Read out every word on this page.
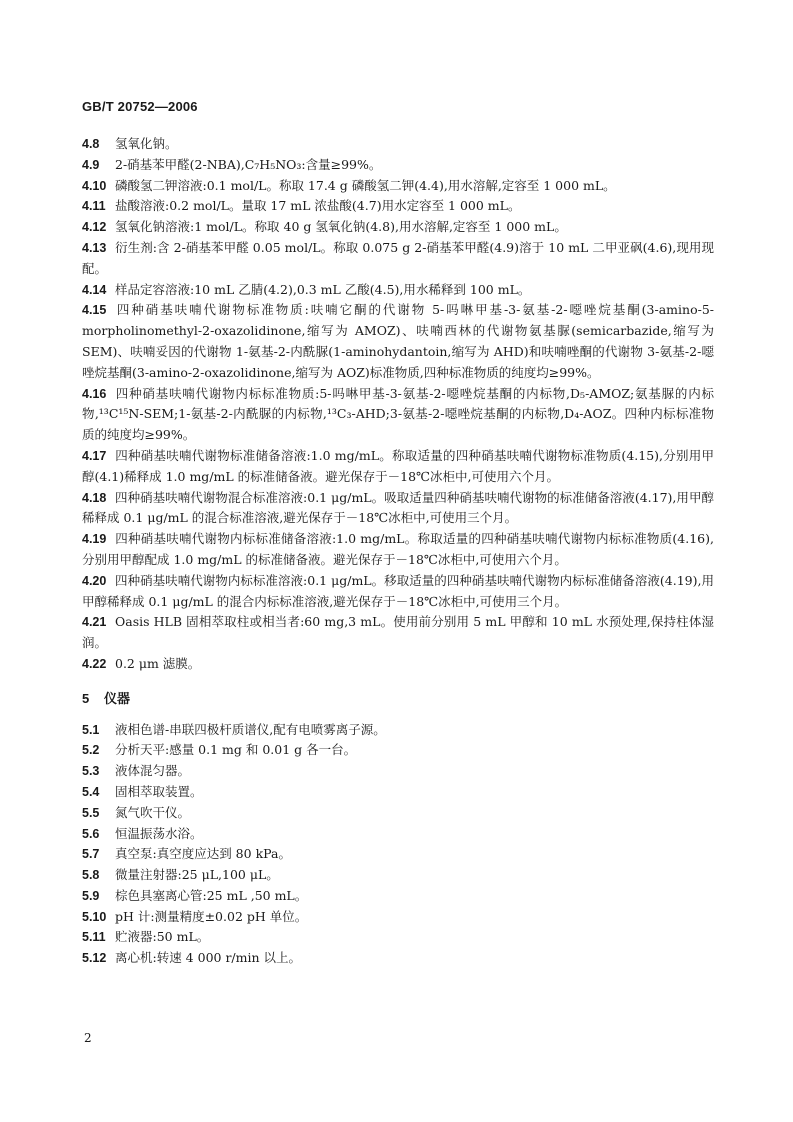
GB/T 20752—2006

4.8 氢氧化钠。

4.9 2-硝基苯甲醛(2-NBA),C₇H₅NO₃:含量≥99%。

4.10 磷酸氢二钾溶液:0.1 mol/L。称取 17.4 g 磷酸氢二钾(4.4),用水溶解,定容至 1 000 mL。

4.11 盐酸溶液:0.2 mol/L。量取 17 mL 浓盐酸(4.7)用水定容至 1 000 mL。

4.12 氢氧化钠溶液:1 mol/L。称取 40 g 氢氧化钠(4.8),用水溶解,定容至 1 000 mL。

4.13 衍生剂:含 2-硝基苯甲醛 0.05 mol/L。称取 0.075 g 2-硝基苯甲醛(4.9)溶于 10 mL 二甲亚砜(4.6),现用现配。

4.14 样品定容溶液:10 mL 乙腈(4.2),0.3 mL 乙酸(4.5),用水稀释到 100 mL。

4.15 四种硝基呋喃代谢物标准物质:呋喃它酮的代谢物 5-吗啉甲基-3-氨基-2-噁唑烷基酮(3-amino-5-morpholinomethyl-2-oxazolidinone,缩写为 AMOZ)、呋喃西林的代谢物氨基脲(semicarbazide,缩写为 SEM)、呋喃妥因的代谢物 1-氨基-2-内酰脲(1-aminohydantoin,缩写为 AHD)和呋喃唑酮的代谢物 3-氨基-2-噁唑烷基酮(3-amino-2-oxazolidinone,缩写为 AOZ)标准物质,四种标准物质的纯度均≥99%。

4.16 四种硝基呋喃代谢物内标标准物质:5-吗啉甲基-3-氨基-2-噁唑烷基酮的内标物,D₅-AMOZ;氨基脲的内标物,¹³C¹⁵N-SEM;1-氨基-2-内酰脲的内标物,¹³C₃-AHD;3-氨基-2-噁唑烷基酮的内标物,D₄-AOZ。四种内标标准物质的纯度均≥99%。

4.17 四种硝基呋喃代谢物标准储备溶液:1.0 mg/mL。称取适量的四种硝基呋喃代谢物标准物质(4.15),分别用甲醇(4.1)稀释成 1.0 mg/mL 的标准储备液。避光保存于－18℃冰柜中,可使用六个月。

4.18 四种硝基呋喃代谢物混合标准溶液:0.1 μg/mL。吸取适量四种硝基呋喃代谢物的标准储备溶液(4.17),用甲醇稀释成 0.1 μg/mL 的混合标准溶液,避光保存于－18℃冰柜中,可使用三个月。

4.19 四种硝基呋喃代谢物内标标准储备溶液:1.0 mg/mL。称取适量的四种硝基呋喃代谢物内标标准物质(4.16),分别用甲醇配成 1.0 mg/mL 的标准储备液。避光保存于－18℃冰柜中,可使用六个月。

4.20 四种硝基呋喃代谢物内标标准溶液:0.1 μg/mL。移取适量的四种硝基呋喃代谢物内标标准储备溶液(4.19),用甲醇稀释成 0.1 μg/mL 的混合内标标准溶液,避光保存于－18℃冰柜中,可使用三个月。

4.21 Oasis HLB 固相萃取柱或相当者:60 mg,3 mL。使用前分别用 5 mL 甲醇和 10 mL 水预处理,保持柱体湿润。

4.22 0.2 μm 滤膜。

5 仪器

5.1 液相色谱-串联四极杆质谱仪,配有电喷雾离子源。

5.2 分析天平:感量 0.1 mg 和 0.01 g 各一台。

5.3 液体混匀器。

5.4 固相萃取装置。

5.5 氮气吹干仪。

5.6 恒温振荡水浴。

5.7 真空泵:真空度应达到 80 kPa。

5.8 微量注射器:25 μL,100 μL。

5.9 棕色具塞离心管:25 mL ,50 mL。

5.10 pH 计:测量精度±0.02 pH 单位。

5.11 贮液器:50 mL。

5.12 离心机:转速 4 000 r/min 以上。

2
